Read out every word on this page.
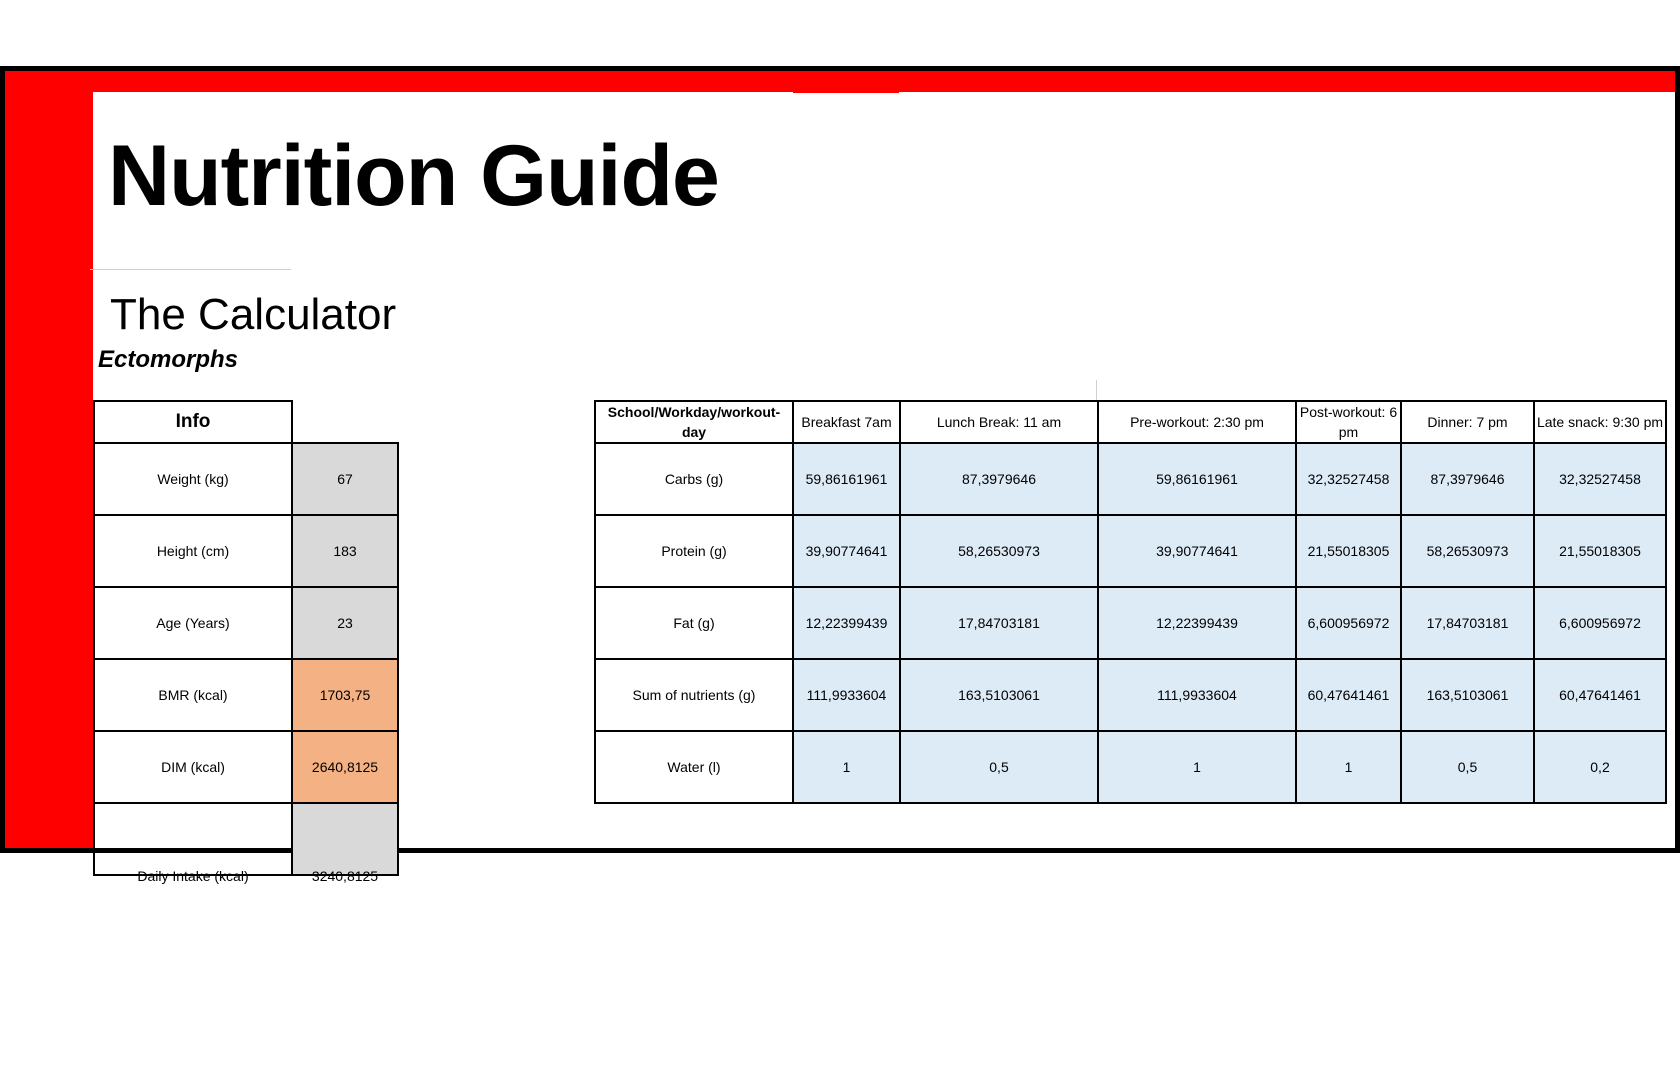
Nutrition Guide
The Calculator
Ectomorphs
Info	
Weight (kg)	67
Height (cm)	183
Age (Years)	23
BMR (kcal)	1703,75
DIM (kcal)	2640,8125

Daily Intake (kcal)	3240,8125
School/Workday/workout-day	Breakfast 7am	Lunch Break: 11 am	Pre-workout: 2:30 pm	Post-workout: 6 pm	Dinner: 7 pm	Late snack: 9:30 pm
Carbs (g)	59,86161961	87,3979646	59,86161961	32,32527458	87,3979646	32,32527458
Protein (g)	39,90774641	58,26530973	39,90774641	21,55018305	58,26530973	21,55018305
Fat (g)	12,22399439	17,84703181	12,22399439	6,600956972	17,84703181	6,600956972
Sum of nutrients (g)	111,9933604	163,5103061	111,9933604	60,47641461	163,5103061	60,47641461
Water (l)	1	0,5	1	1	0,5	0,2
